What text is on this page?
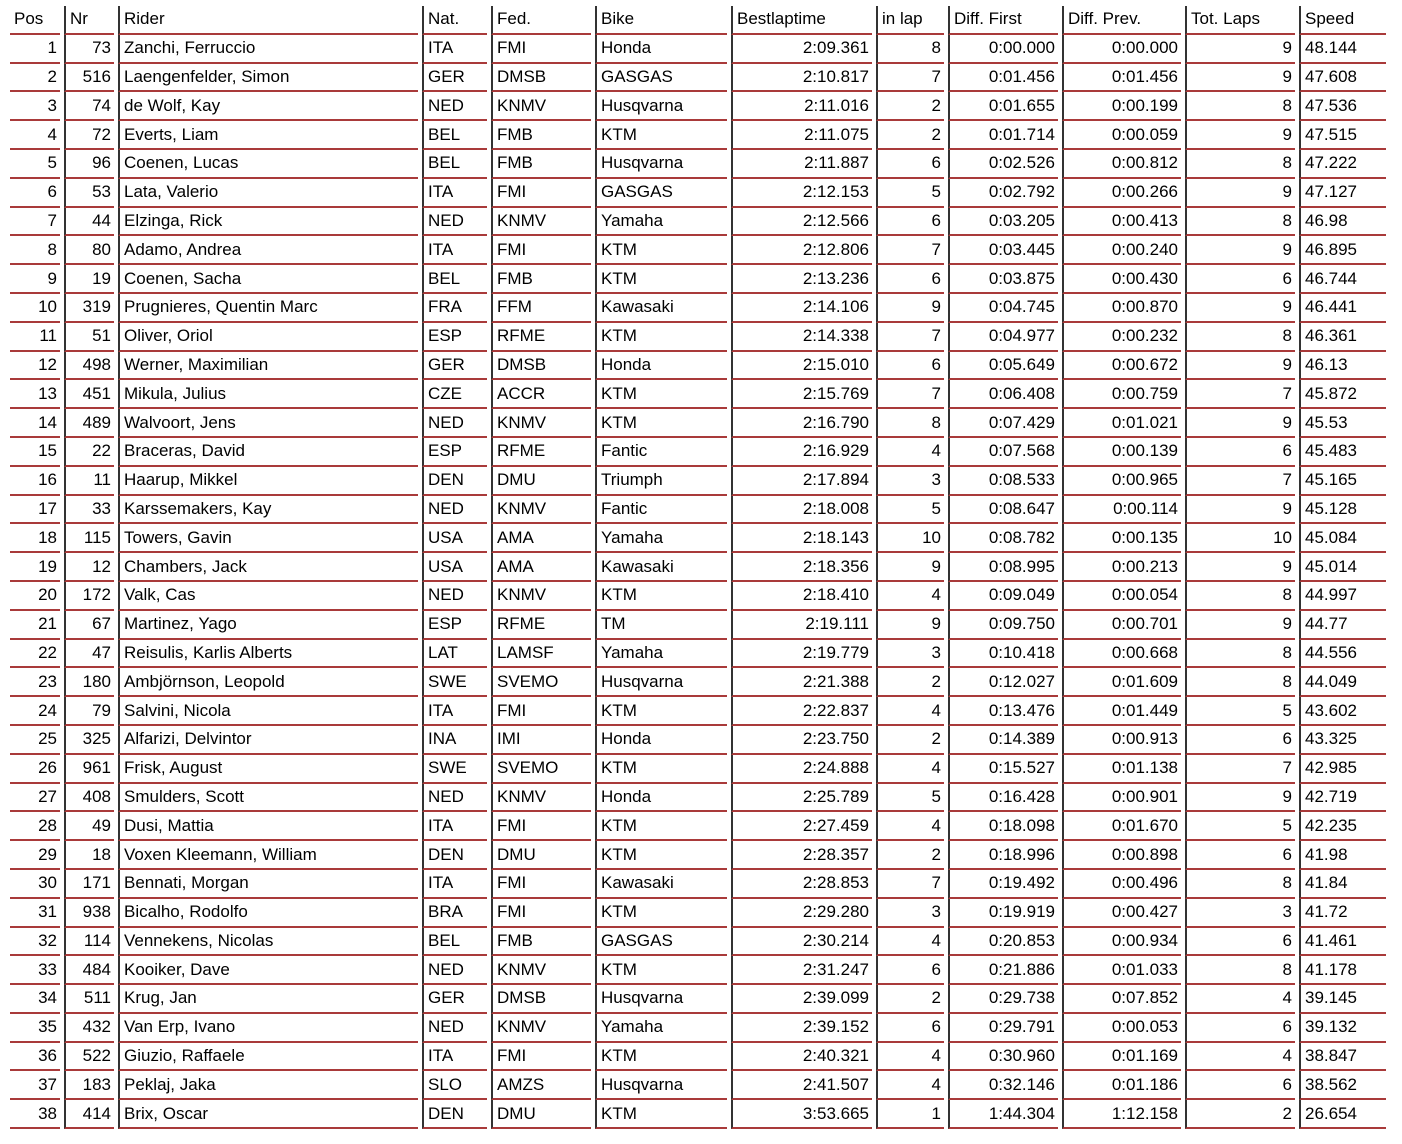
Pos	Nr	Rider	Nat.	Fed.	Bike	Bestlaptime	in lap	Diff. First	Diff. Prev.	Tot. Laps	Speed
1	73	Zanchi, Ferruccio	ITA	FMI	Honda	2:09.361	8	0:00.000	0:00.000	9	48.144
2	516	Laengenfelder, Simon	GER	DMSB	GASGAS	2:10.817	7	0:01.456	0:01.456	9	47.608
3	74	de Wolf, Kay	NED	KNMV	Husqvarna	2:11.016	2	0:01.655	0:00.199	8	47.536
4	72	Everts, Liam	BEL	FMB	KTM	2:11.075	2	0:01.714	0:00.059	9	47.515
5	96	Coenen, Lucas	BEL	FMB	Husqvarna	2:11.887	6	0:02.526	0:00.812	8	47.222
6	53	Lata, Valerio	ITA	FMI	GASGAS	2:12.153	5	0:02.792	0:00.266	9	47.127
7	44	Elzinga, Rick	NED	KNMV	Yamaha	2:12.566	6	0:03.205	0:00.413	8	46.98
8	80	Adamo, Andrea	ITA	FMI	KTM	2:12.806	7	0:03.445	0:00.240	9	46.895
9	19	Coenen, Sacha	BEL	FMB	KTM	2:13.236	6	0:03.875	0:00.430	6	46.744
10	319	Prugnieres, Quentin Marc	FRA	FFM	Kawasaki	2:14.106	9	0:04.745	0:00.870	9	46.441
11	51	Oliver, Oriol	ESP	RFME	KTM	2:14.338	7	0:04.977	0:00.232	8	46.361
12	498	Werner, Maximilian	GER	DMSB	Honda	2:15.010	6	0:05.649	0:00.672	9	46.13
13	451	Mikula, Julius	CZE	ACCR	KTM	2:15.769	7	0:06.408	0:00.759	7	45.872
14	489	Walvoort, Jens	NED	KNMV	KTM	2:16.790	8	0:07.429	0:01.021	9	45.53
15	22	Braceras, David	ESP	RFME	Fantic	2:16.929	4	0:07.568	0:00.139	6	45.483
16	11	Haarup, Mikkel	DEN	DMU	Triumph	2:17.894	3	0:08.533	0:00.965	7	45.165
17	33	Karssemakers, Kay	NED	KNMV	Fantic	2:18.008	5	0:08.647	0:00.114	9	45.128
18	115	Towers, Gavin	USA	AMA	Yamaha	2:18.143	10	0:08.782	0:00.135	10	45.084
19	12	Chambers, Jack	USA	AMA	Kawasaki	2:18.356	9	0:08.995	0:00.213	9	45.014
20	172	Valk, Cas	NED	KNMV	KTM	2:18.410	4	0:09.049	0:00.054	8	44.997
21	67	Martinez, Yago	ESP	RFME	TM	2:19.111	9	0:09.750	0:00.701	9	44.77
22	47	Reisulis, Karlis Alberts	LAT	LAMSF	Yamaha	2:19.779	3	0:10.418	0:00.668	8	44.556
23	180	Ambjörnson, Leopold	SWE	SVEMO	Husqvarna	2:21.388	2	0:12.027	0:01.609	8	44.049
24	79	Salvini, Nicola	ITA	FMI	KTM	2:22.837	4	0:13.476	0:01.449	5	43.602
25	325	Alfarizi, Delvintor	INA	IMI	Honda	2:23.750	2	0:14.389	0:00.913	6	43.325
26	961	Frisk, August	SWE	SVEMO	KTM	2:24.888	4	0:15.527	0:01.138	7	42.985
27	408	Smulders, Scott	NED	KNMV	Honda	2:25.789	5	0:16.428	0:00.901	9	42.719
28	49	Dusi, Mattia	ITA	FMI	KTM	2:27.459	4	0:18.098	0:01.670	5	42.235
29	18	Voxen Kleemann, William	DEN	DMU	KTM	2:28.357	2	0:18.996	0:00.898	6	41.98
30	171	Bennati, Morgan	ITA	FMI	Kawasaki	2:28.853	7	0:19.492	0:00.496	8	41.84
31	938	Bicalho, Rodolfo	BRA	FMI	KTM	2:29.280	3	0:19.919	0:00.427	3	41.72
32	114	Vennekens, Nicolas	BEL	FMB	GASGAS	2:30.214	4	0:20.853	0:00.934	6	41.461
33	484	Kooiker, Dave	NED	KNMV	KTM	2:31.247	6	0:21.886	0:01.033	8	41.178
34	511	Krug, Jan	GER	DMSB	Husqvarna	2:39.099	2	0:29.738	0:07.852	4	39.145
35	432	Van Erp, Ivano	NED	KNMV	Yamaha	2:39.152	6	0:29.791	0:00.053	6	39.132
36	522	Giuzio, Raffaele	ITA	FMI	KTM	2:40.321	4	0:30.960	0:01.169	4	38.847
37	183	Peklaj, Jaka	SLO	AMZS	Husqvarna	2:41.507	4	0:32.146	0:01.186	6	38.562
38	414	Brix, Oscar	DEN	DMU	KTM	3:53.665	1	1:44.304	1:12.158	2	26.654
